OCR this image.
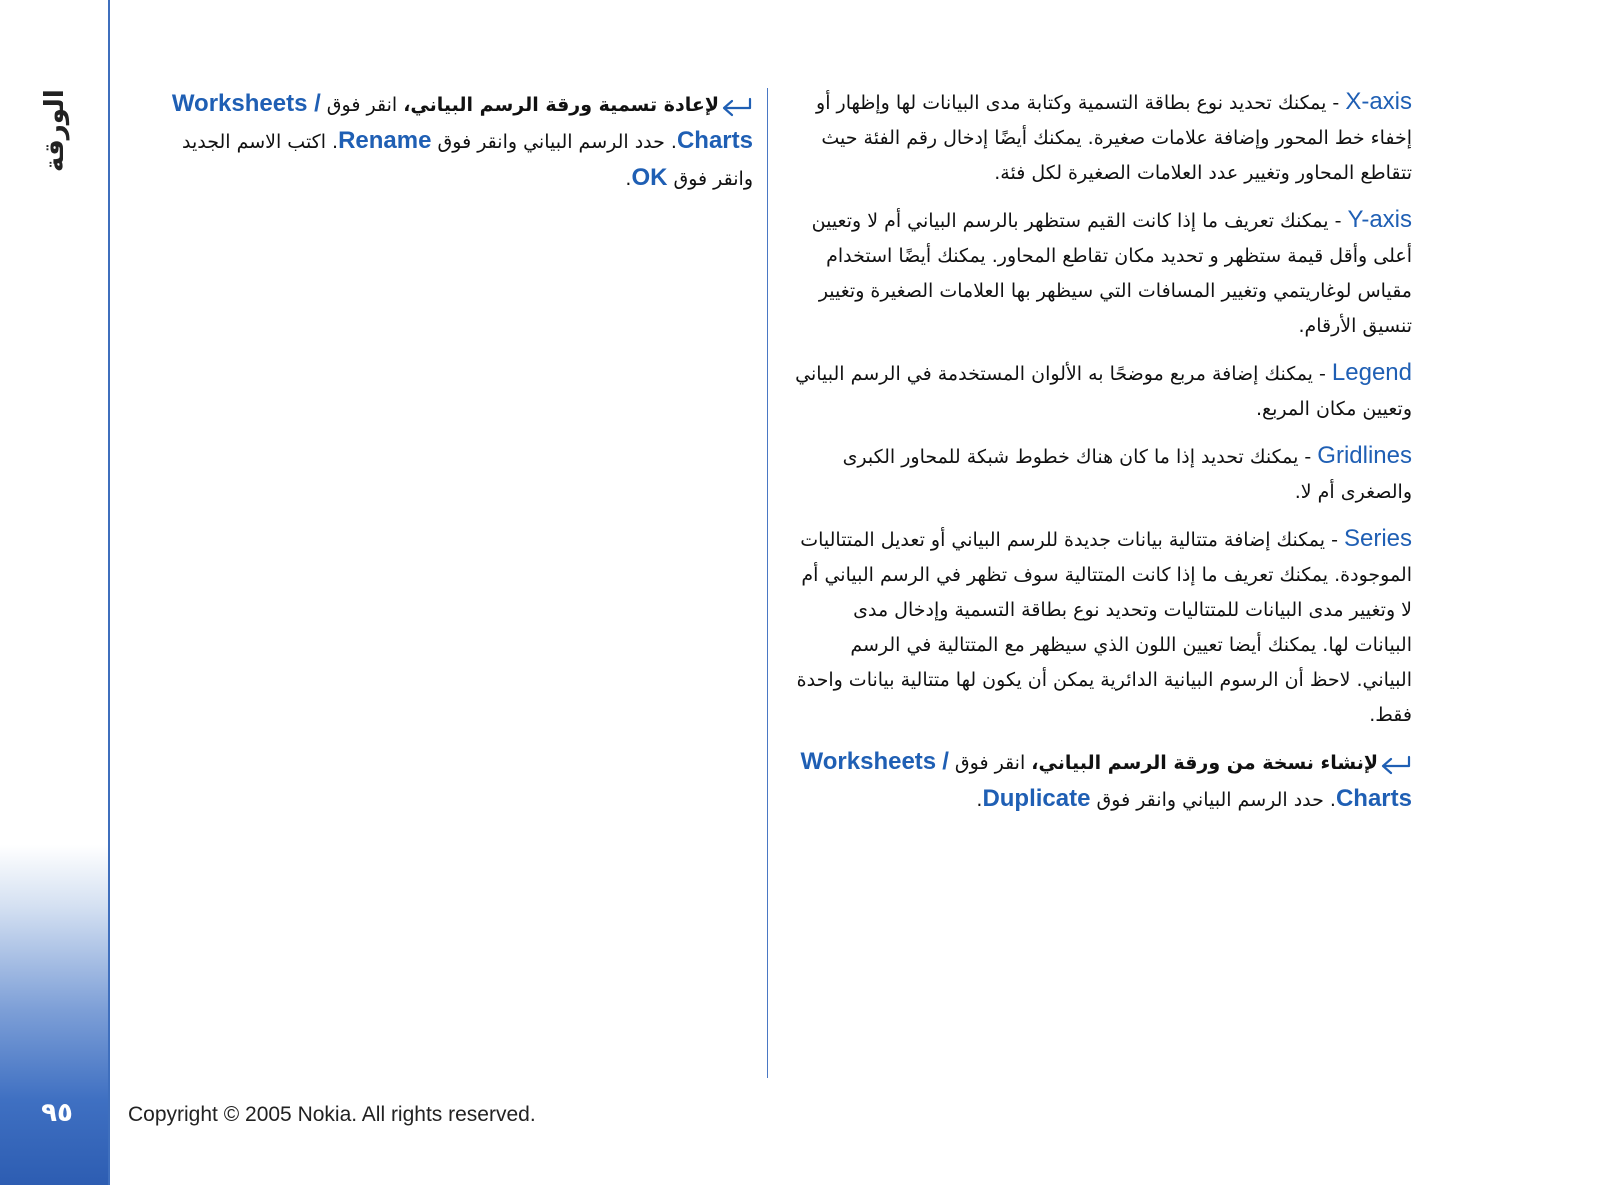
الورقة
٩٥

X-axis - يمكنك تحديد نوع بطاقة التسمية وكتابة مدى البيانات لها وإظهار أو إخفاء خط المحور وإضافة علامات صغيرة. يمكنك أيضًا إدخال رقم الفئة حيث تتقاطع المحاور وتغيير عدد العلامات الصغيرة لكل فئة.

Y-axis - يمكنك تعريف ما إذا كانت القيم ستظهر بالرسم البياني أم لا وتعيين أعلى وأقل قيمة ستظهر و تحديد مكان تقاطع المحاور. يمكنك أيضًا استخدام مقياس لوغاريتمي وتغيير المسافات التي سيظهر بها العلامات الصغيرة وتغيير تنسيق الأرقام.

Legend - يمكنك إضافة مربع موضحًا به الألوان المستخدمة في الرسم البياني وتعيين مكان المربع.

Gridlines - يمكنك تحديد إذا ما كان هناك خطوط شبكة للمحاور الكبرى والصغرى أم لا.

Series - يمكنك إضافة متتالية بيانات جديدة للرسم البياني أو تعديل المتتاليات الموجودة. يمكنك تعريف ما إذا كانت المتتالية سوف تظهر في الرسم البياني أم لا وتغيير مدى البيانات للمتتاليات وتحديد نوع بطاقة التسمية وإدخال مدى البيانات لها. يمكنك أيضا تعيين اللون الذي سيظهر مع المتتالية في الرسم البياني. لاحظ أن الرسوم البيانية الدائرية يمكن أن يكون لها متتالية بيانات واحدة فقط.

لإنشاء نسخة من ورقة الرسم البياني، انقر فوق Worksheets / Charts. حدد الرسم البياني وانقر فوق Duplicate.

لإعادة تسمية ورقة الرسم البياني، انقر فوق Worksheets / Charts. حدد الرسم البياني وانقر فوق Rename. اكتب الاسم الجديد وانقر فوق OK.

Copyright © 2005 Nokia. All rights reserved.
